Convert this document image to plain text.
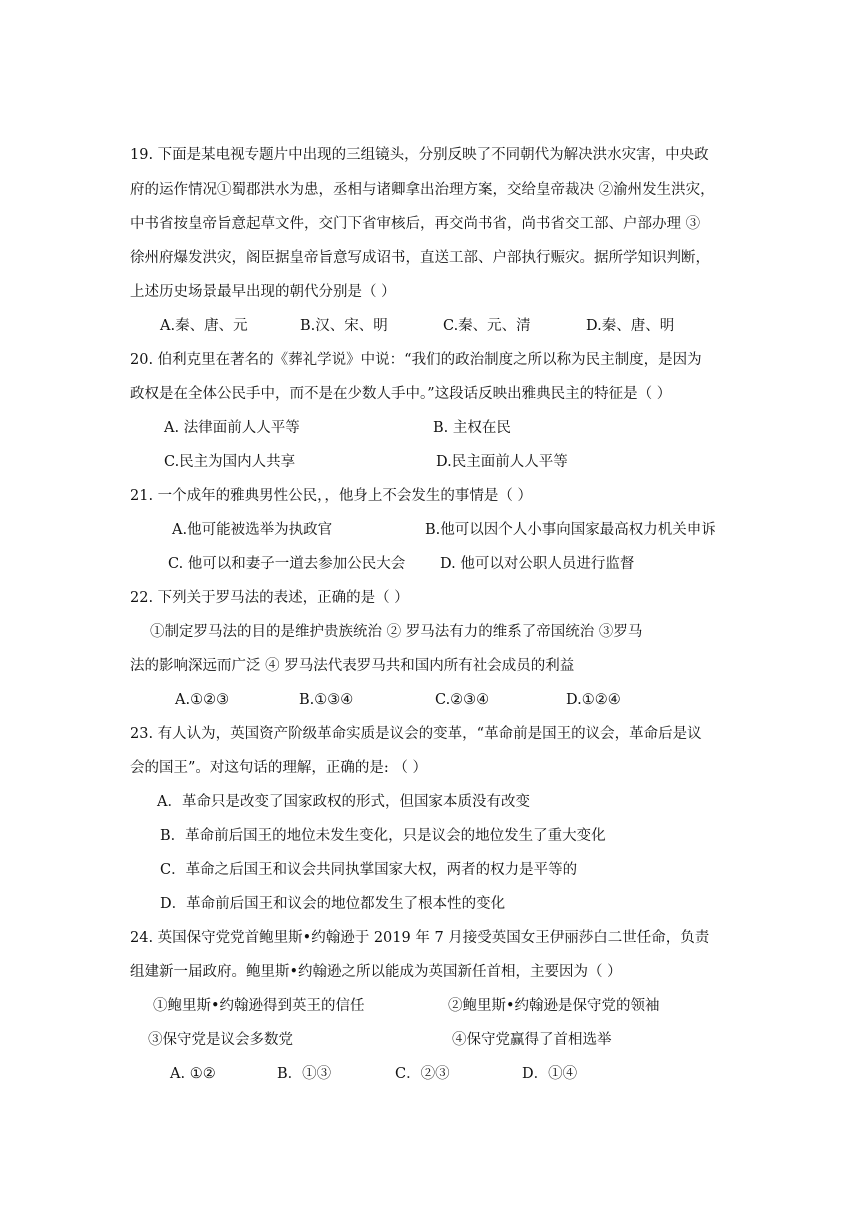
19. 下面是某电视专题片中出现的三组镜头，分别反映了不同朝代为解决洪水灾害，中央政
府的运作情况①蜀郡洪水为患，丞相与诸卿拿出治理方案，交给皇帝裁决 ②渝州发生洪灾，
中书省按皇帝旨意起草文件，交门下省审核后，再交尚书省，尚书省交工部、户部办理 ③
徐州府爆发洪灾，阁臣据皇帝旨意写成诏书，直送工部、户部执行赈灾。据所学知识判断，
上述历史场景最早出现的朝代分别是（ ）
A.秦、唐、元	B.汉、宋、明	C.秦、元、清	D.秦、唐、明
20. 伯利克里在著名的《葬礼学说》中说：“我们的政治制度之所以称为民主制度，是因为
政权是在全体公民手中，而不是在少数人手中。”这段话反映出雅典民主的特征是（ ）
A. 法律面前人人平等	B. 主权在民
C.民主为国内人共享	D.民主面前人人平等
21. 一个成年的雅典男性公民，，他身上不会发生的事情是（ ）
A.他可能被选举为执政官	B.他可以因个人小事向国家最高权力机关申诉
C. 他可以和妻子一道去参加公民大会 D. 他可以对公职人员进行监督
22. 下列关于罗马法的表述，正确的是（ ）
①制定罗马法的目的是维护贵族统治 ② 罗马法有力的维系了帝国统治 ③罗马
法的影响深远而广泛 ④ 罗马法代表罗马共和国内所有社会成员的利益
A.①②③	B.①③④	C.②③④	D.①②④
23. 有人认为，英国资产阶级革命实质是议会的变革，“革命前是国王的议会，革命后是议
会的国王”。对这句话的理解，正确的是: （ ）
A．革命只是改变了国家政权的形式，但国家本质没有改变
B．革命前后国王的地位未发生变化，只是议会的地位发生了重大变化
C．革命之后国王和议会共同执掌国家大权，两者的权力是平等的
D．革命前后国王和议会的地位都发生了根本性的变化
24. 英国保守党党首鲍里斯•约翰逊于 2019 年 7 月接受英国女王伊丽莎白二世任命，负责
组建新一届政府。鲍里斯•约翰逊之所以能成为英国新任首相，主要因为（ ）
①鲍里斯•约翰逊得到英王的信任	②鲍里斯•约翰逊是保守党的领袖
③保守党是议会多数党	④保守党赢得了首相选举
A. ①②	B．①③	C．②③	D．①④
